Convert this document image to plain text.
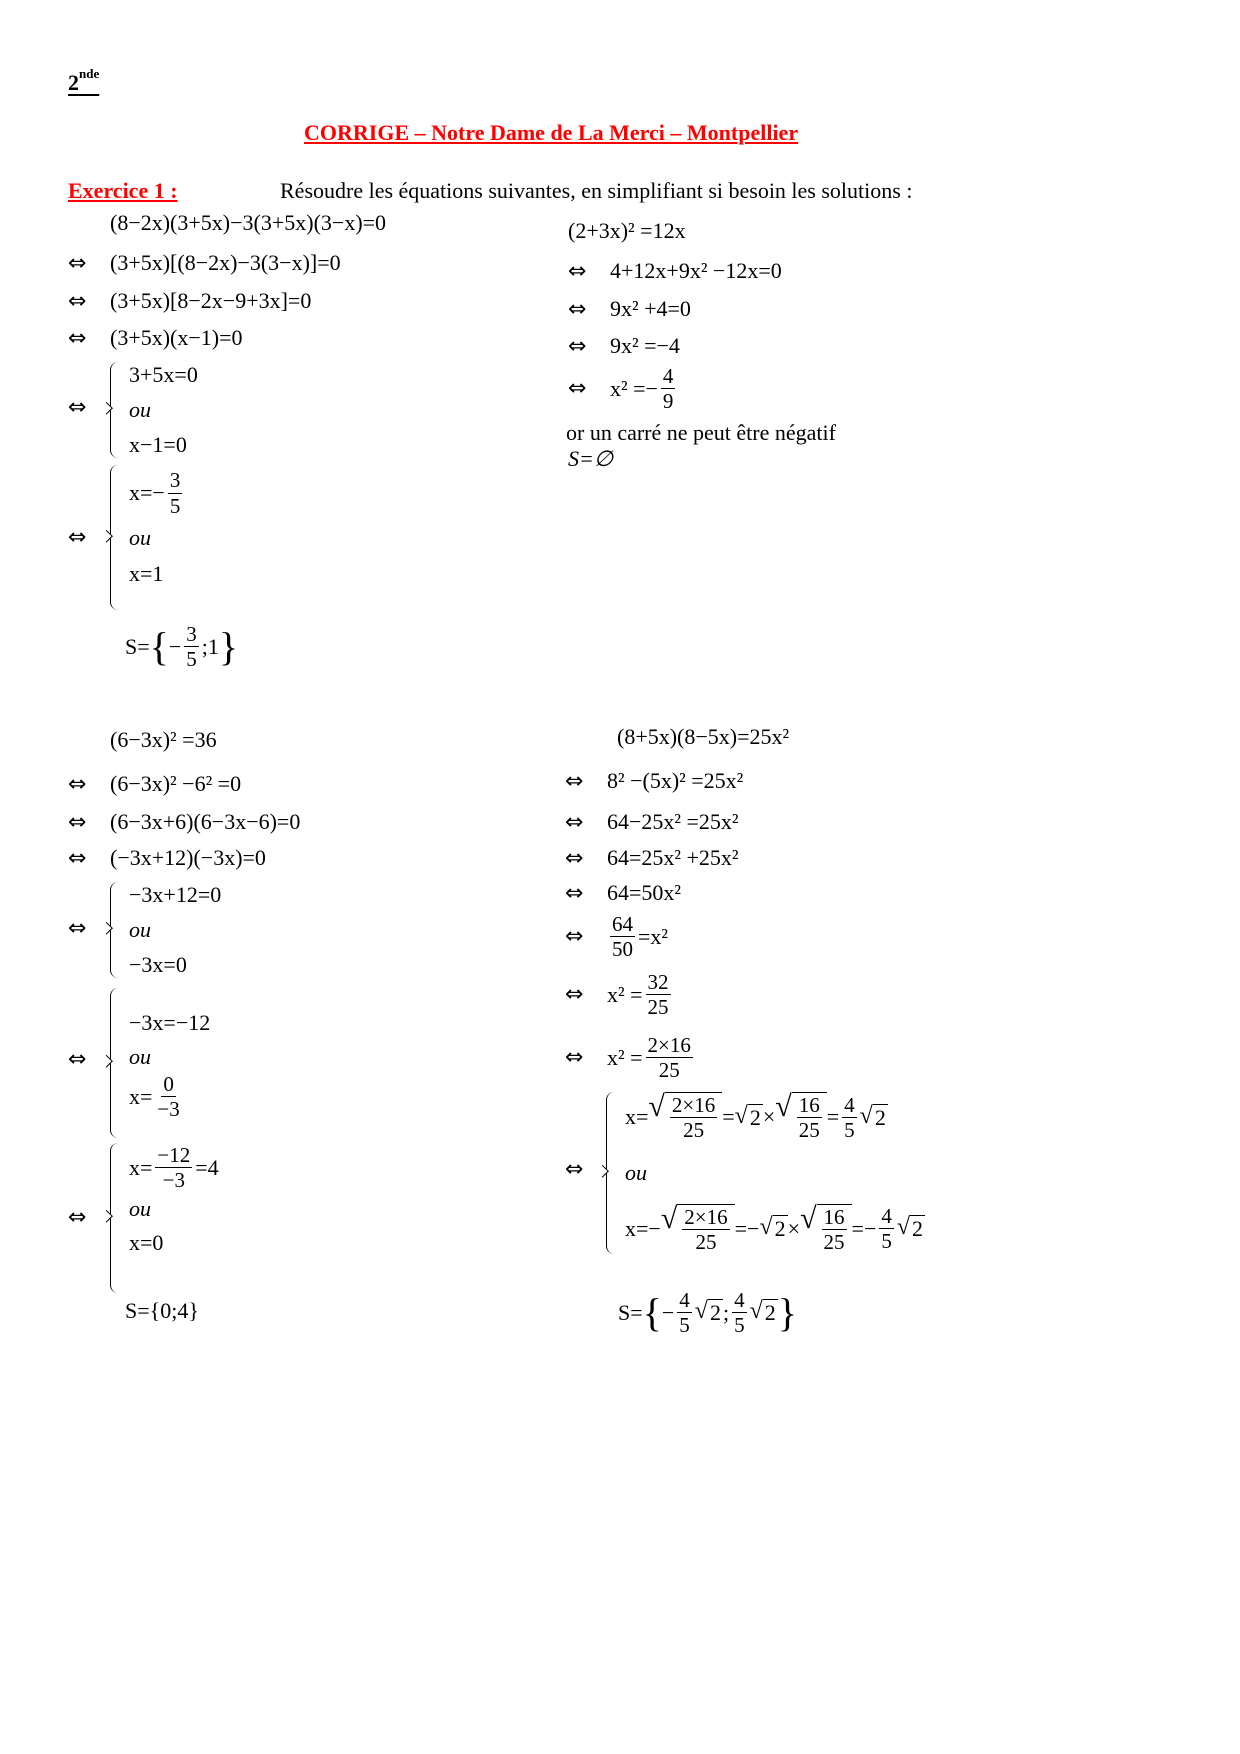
2nde
CORRIGE – Notre Dame de La Merci – Montpellier
Exercice 1 :	Résoudre les équations suivantes, en simplifiant si besoin les solutions :
(8−2x)(3+5x)−3(3+5x)(3−x)=0
⇔	(3+5x)[(8−2x)−3(3−x)]=0
⇔	(3+5x)[8−2x−9+3x]=0
⇔	(3+5x)(x−1)=0
⇔
3+5x=0
ou
x−1=0
⇔
$x=- \frac{3}{5}$
ou
x=1
S= { − $\frac{3}{5}$ ;1 }
(2+3x)² =12x
⇔	4+12x+9x² −12x=0
⇔	9x² +4=0
⇔	9x² =−4
⇔	$x^2 =- \frac{4}{9}$
or un carré ne peut être négatif
S=∅
(6−3x)² =36
⇔	(6−3x)² −6² =0
⇔	(6−3x+6)(6−3x−6)=0
⇔	(−3x+12)(−3x)=0
⇔
−3x+12=0
ou
−3x=0
⇔
−3x=−12
ou
$x= \frac{0}{-3}$
⇔
$x= \frac{-12}{-3} =4$
ou
x=0
S={0;4}
(8+5x)(8−5x)=25x²
⇔	8² −(5x)² =25x²
⇔	64−25x² =25x²
⇔	64=25x² +25x²
⇔	64=50x²
⇔	$\frac{64}{50} =x^2$
⇔	$x^2 = \frac{32}{25}$
⇔	$x^2 = \frac{2\times 16}{25}$
⇔
x= √ $\frac{2\times 16}{25}$ = √ 2 × √ $\frac{16}{25} = \frac{4}{5}$ √ 2
ou
x=− √ $\frac{2\times 16}{25}$ =− √ 2 × √ $\frac{16}{25} =- \frac{4}{5}$ √ 2
S= { − $\frac{4}{5}$ √ 2 ; $\frac{4}{5}$ √ 2 }
